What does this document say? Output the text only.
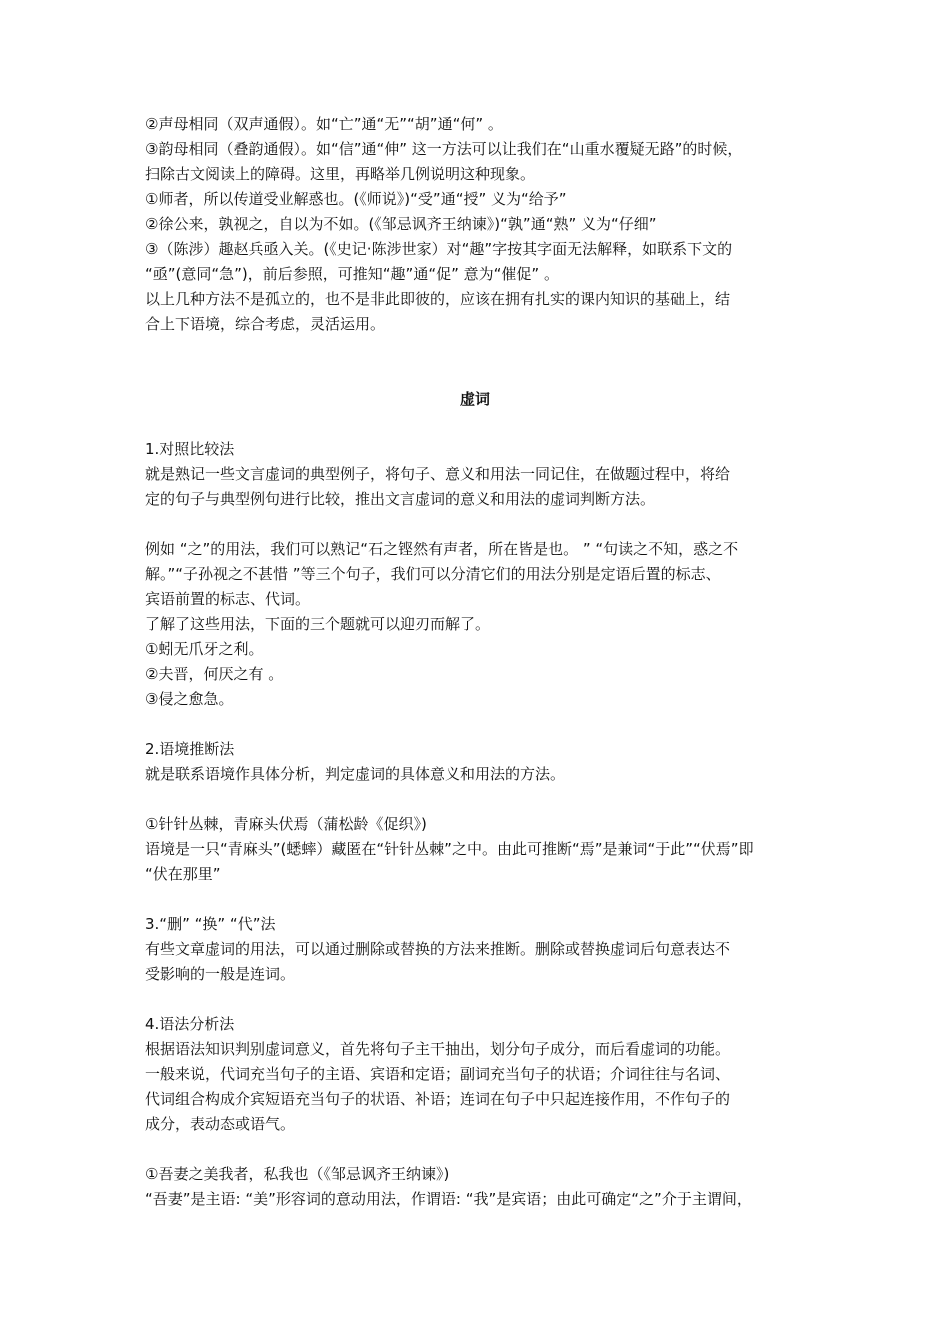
②声母相同（双声通假）。如“亡”通“无”“胡”通“何” 。
③韵母相同（叠韵通假）。如“信”通“伸” 这一方法可以让我们在“山重水覆疑无路”的时候，
扫除古文阅读上的障碍。这里，再略举几例说明这种现象。
①师者，所以传道受业解惑也。(《师说》)“受”通“授” 义为“给予”
②徐公来，孰视之，自以为不如。(《邹忌讽齐王纳谏》)“孰”通“熟” 义为“仔细”
③（陈涉）趣赵兵亟入关。(《史记·陈涉世家）对“趣”字按其字面无法解释，如联系下文的
“亟”(意同“急”)，前后参照，可推知“趣”通“促” 意为“催促” 。
以上几种方法不是孤立的，也不是非此即彼的，应该在拥有扎实的课内知识的基础上，结
合上下语境，综合考虑，灵活运用。
虚词
1.对照比较法
就是熟记一些文言虚词的典型例子，将句子、意义和用法一同记住，在做题过程中，将给
定的句子与典型例句进行比较，推出文言虚词的意义和用法的虚词判断方法。
例如 “之”的用法，我们可以熟记“石之铿然有声者，所在皆是也。 ” “句读之不知，惑之不
解。”“子孙视之不甚惜 ”等三个句子，我们可以分清它们的用法分别是定语后置的标志、
宾语前置的标志、代词。
了解了这些用法，下面的三个题就可以迎刃而解了。
①蚓无爪牙之利。
②夫晋，何厌之有 。
③侵之愈急。
2.语境推断法
就是联系语境作具体分析，判定虚词的具体意义和用法的方法。
①针针丛棘，青麻头伏焉（蒲松龄《促织》)
语境是一只“青麻头”(蟋蟀）藏匿在“针针丛棘”之中。由此可推断“焉”是兼词“于此”“伏焉”即
“伏在那里”
3.“删” “换” “代”法
有些文章虚词的用法，可以通过删除或替换的方法来推断。删除或替换虚词后句意表达不
受影响的一般是连词。
4.语法分析法
根据语法知识判别虚词意义，首先将句子主干抽出，划分句子成分，而后看虚词的功能。
一般来说，代词充当句子的主语、宾语和定语；副词充当句子的状语；介词往往与名词、
代词组合构成介宾短语充当句子的状语、补语；连词在句子中只起连接作用，不作句子的
成分，表动态或语气。
①吾妻之美我者，私我也（《邹忌讽齐王纳谏》)
“吾妻”是主语: “美”形容词的意动用法，作谓语: “我”是宾语；由此可确定“之”介于主谓间，
